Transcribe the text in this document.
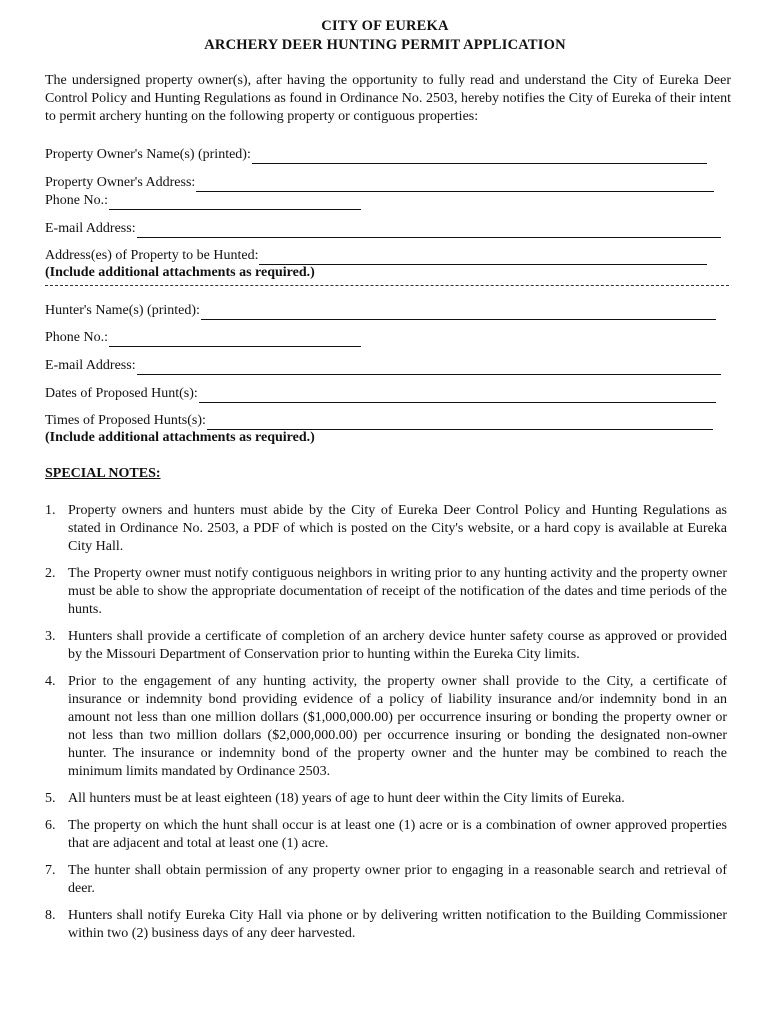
CITY OF EUREKA
ARCHERY DEER HUNTING PERMIT APPLICATION
The undersigned property owner(s), after having the opportunity to fully read and understand the City of Eureka Deer Control Policy and Hunting Regulations as found in Ordinance No. 2503, hereby notifies the City of Eureka of their intent to permit archery hunting on the following property or contiguous properties:
Property Owner's Name(s) (printed):
Property Owner's Address:
Phone No.:
E-mail Address:
Address(es) of Property to be Hunted:
(Include additional attachments as required.)
Hunter's Name(s) (printed):
Phone No.:
E-mail Address:
Dates of Proposed Hunt(s):
Times of Proposed Hunts(s):
(Include additional attachments as required.)
SPECIAL NOTES:
1. Property owners and hunters must abide by the City of Eureka Deer Control Policy and Hunting Regulations as stated in Ordinance No. 2503, a PDF of which is posted on the City's website, or a hard copy is available at Eureka City Hall.
2. The Property owner must notify contiguous neighbors in writing prior to any hunting activity and the property owner must be able to show the appropriate documentation of receipt of the notification of the dates and time periods of the hunts.
3. Hunters shall provide a certificate of completion of an archery device hunter safety course as approved or provided by the Missouri Department of Conservation prior to hunting within the Eureka City limits.
4. Prior to the engagement of any hunting activity, the property owner shall provide to the City, a certificate of insurance or indemnity bond providing evidence of a policy of liability insurance and/or indemnity bond in an amount not less than one million dollars ($1,000,000.00) per occurrence insuring or bonding the property owner or not less than two million dollars ($2,000,000.00) per occurrence insuring or bonding the designated non-owner hunter. The insurance or indemnity bond of the property owner and the hunter may be combined to reach the minimum limits mandated by Ordinance 2503.
5. All hunters must be at least eighteen (18) years of age to hunt deer within the City limits of Eureka.
6. The property on which the hunt shall occur is at least one (1) acre or is a combination of owner approved properties that are adjacent and total at least one (1) acre.
7. The hunter shall obtain permission of any property owner prior to engaging in a reasonable search and retrieval of deer.
8. Hunters shall notify Eureka City Hall via phone or by delivering written notification to the Building Commissioner within two (2) business days of any deer harvested.
